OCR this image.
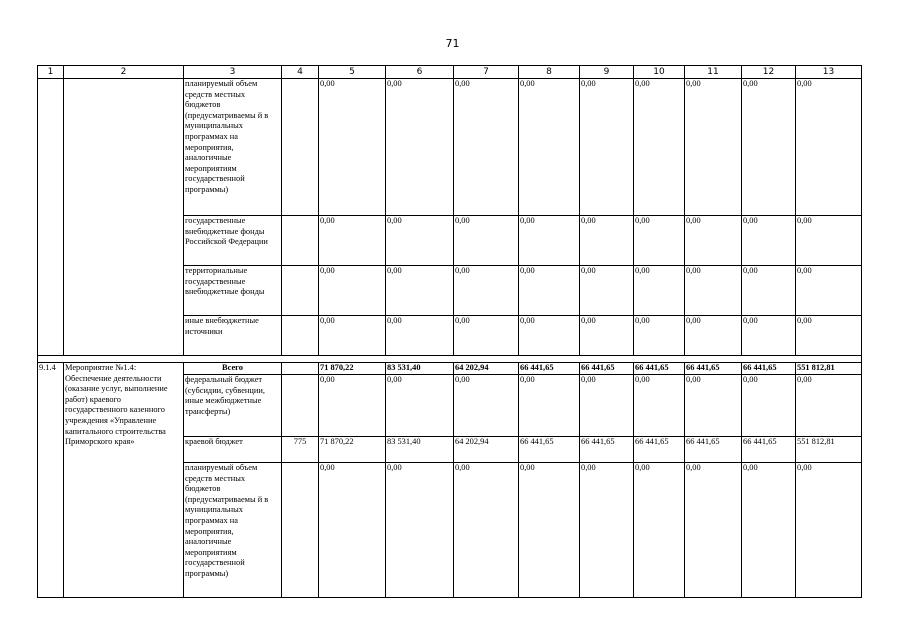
71
1	2	3	4	5	6	7	8	9	10	11	12	13
		планируемый объем средств местных бюджетов (предусматриваемы й в муниципальных программах на мероприятия, аналогичные мероприятиям государственной программы)		0,00	0,00	0,00	0,00	0,00	0,00	0,00	0,00	0,00
		государственные внебюджетные фонды Российской Федерации		0,00	0,00	0,00	0,00	0,00	0,00	0,00	0,00	0,00
		территориальные государственные внебюджетные фонды		0,00	0,00	0,00	0,00	0,00	0,00	0,00	0,00	0,00
		иные внебюджетные источники		0,00	0,00	0,00	0,00	0,00	0,00	0,00	0,00	0,00

9.1.4	Мероприятие №1.4: Обеспечение деятельности (оказание услуг, выполнение работ) краевого государственного казенного учреждения «Управление капитального строительства Приморского края»	Всего		71 870,22	83 531,40	64 202,94	66 441,65	66 441,65	66 441,65	66 441,65	66 441,65	551 812,81
		федеральный бюджет (субсидии, субвенции, иные межбюджетные трансферты)		0,00	0,00	0,00	0,00	0,00	0,00	0,00	0,00	0,00
		краевой бюджет	775	71 870,22	83 531,40	64 202,94	66 441,65	66 441,65	66 441,65	66 441,65	66 441,65	551 812,81
		планируемый объем средств местных бюджетов (предусматриваемы й в муниципальных программах на мероприятия, аналогичные мероприятиям государственной программы)		0,00	0,00	0,00	0,00	0,00	0,00	0,00	0,00	0,00
